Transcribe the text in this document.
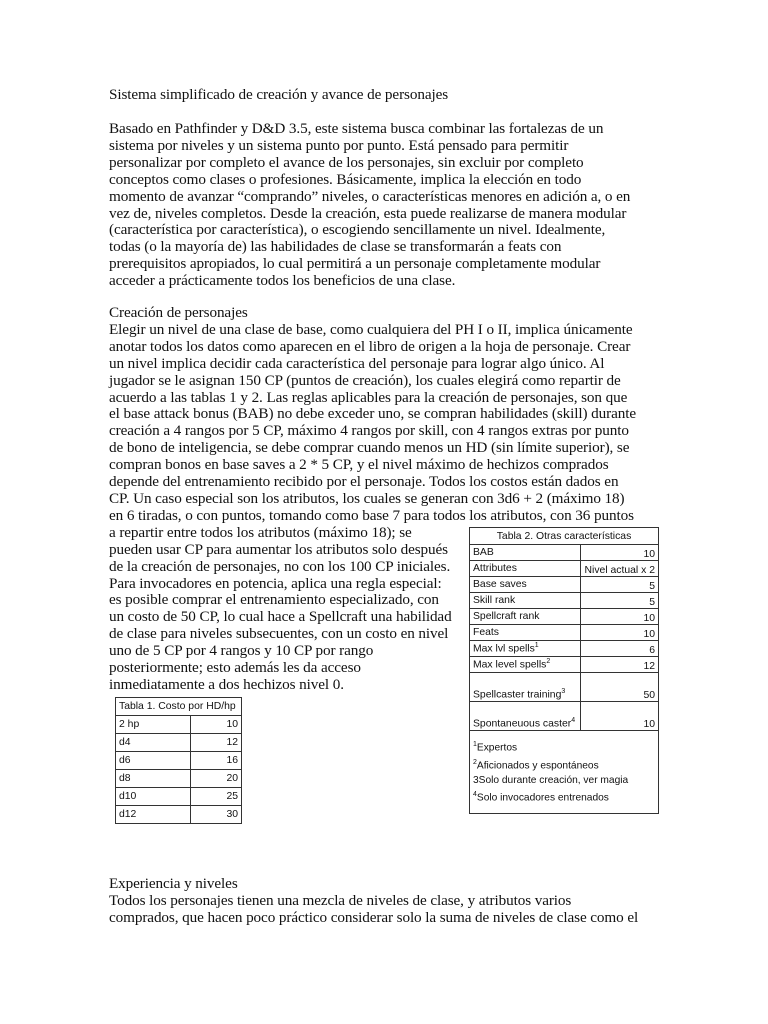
Sistema simplificado de creación y avance de personajes

Basado en Pathfinder y D&D 3.5, este sistema busca combinar las fortalezas de un
sistema por niveles y un sistema punto por punto. Está pensado para permitir
personalizar por completo el avance de los personajes, sin excluir por completo
conceptos como clases o profesiones. Básicamente, implica la elección en todo
momento de avanzar “comprando” niveles, o características menores en adición a, o en
vez de, niveles completos. Desde la creación, esta puede realizarse de manera modular
(característica por característica), o escogiendo sencillamente un nivel. Idealmente,
todas (o la mayoría de) las habilidades de clase se transformarán a feats con
prerequisitos apropiados, lo cual permitirá a un personaje completamente modular
acceder a prácticamente todos los beneficios de una clase.
Creación de personajes
Elegir un nivel de una clase de base, como cualquiera del PH I o II, implica únicamente
anotar todos los datos como aparecen en el libro de origen a la hoja de personaje. Crear
un nivel implica decidir cada característica del personaje para lograr algo único. Al
jugador se le asignan 150 CP (puntos de creación), los cuales elegirá como repartir de
acuerdo a las tablas 1 y 2. Las reglas aplicables para la creación de personajes, son que
el base attack bonus (BAB) no debe exceder uno, se compran habilidades (skill) durante
creación a 4 rangos por 5 CP, máximo 4 rangos por skill, con 4 rangos extras por punto
de bono de inteligencia, se debe comprar cuando menos un HD (sin límite superior), se
compran bonos en base saves a 2 * 5 CP, y el nivel máximo de hechizos comprados
depende del entrenamiento recibido por el personaje. Todos los costos están dados en
CP. Un caso especial son los atributos, los cuales se generan con 3d6 + 2 (máximo 18)
en 6 tiradas, o con puntos, tomando como base 7 para todos los atributos, con 36 puntos
a repartir entre todos los atributos (máximo 18); se
pueden usar CP para aumentar los atributos solo después
de la creación de personajes, no con los 100 CP iniciales.
Para invocadores en potencia, aplica una regla especial:
es posible comprar el entrenamiento especializado, con
un costo de 50 CP, lo cual hace a Spellcraft una habilidad
de clase para niveles subsecuentes, con un costo en nivel
uno de 5 CP por 4 rangos y 10 CP por rango
posteriormente; esto además les da acceso
inmediatamente a dos hechizos nivel 0.
Tabla 1. Costo por HD/hp	
2 hp	10
d4	12
d6	16
d8	20
d10	25
d12	30
Tabla 2. Otras características	
BAB	10
Attributes	Nivel actual x 2
Base saves	5
Skill rank	5
Spellcraft rank	10
Feats	10
Max lvl spells$^1$	6
Max level spells$^2$	12
Spellcaster training$^3$	50
Spontaneuous caster$^4$	10

$^1$Expertos
$^2$Aficionados y espontáneos
3Solo durante creación, ver magia
$^4$Solo invocadores entrenados	
Experiencia y niveles
Todos los personajes tienen una mezcla de niveles de clase, y atributos varios
comprados, que hacen poco práctico considerar solo la suma de niveles de clase como el
